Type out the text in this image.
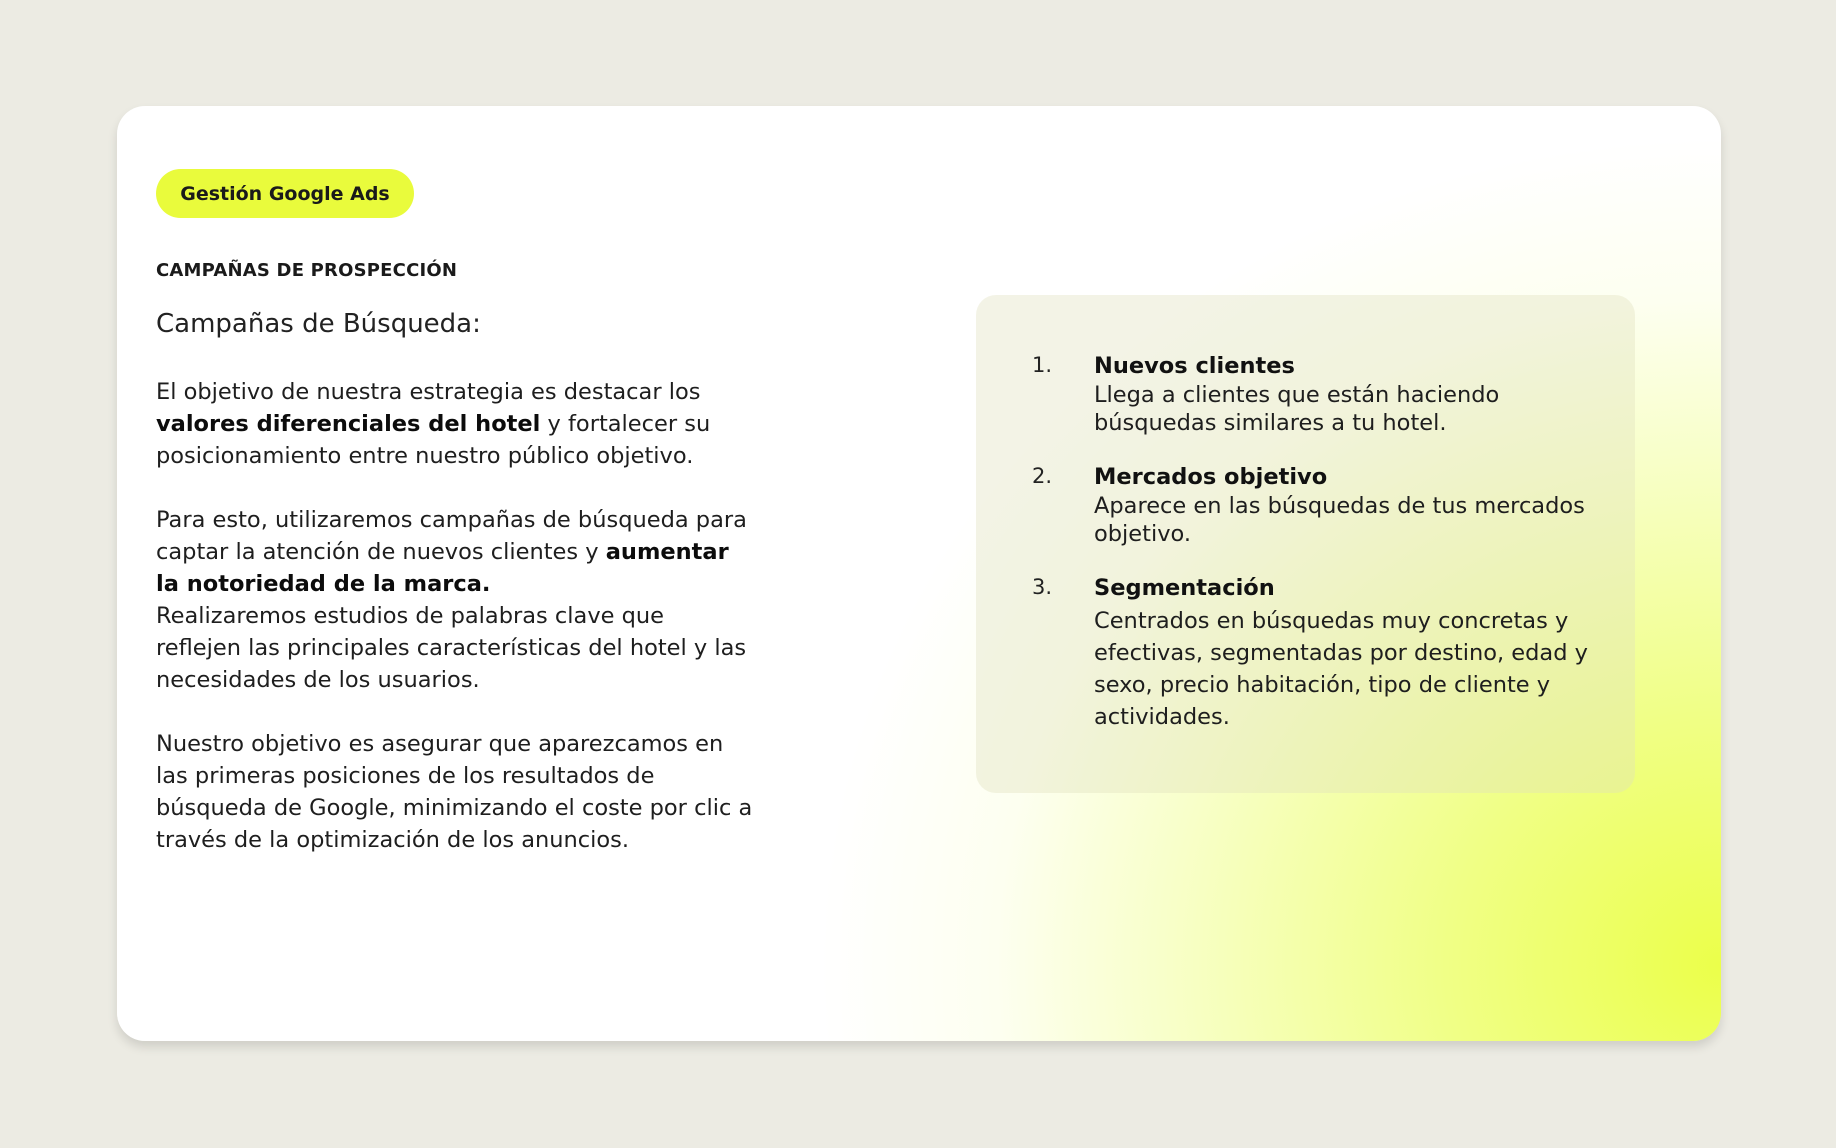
Gestión Google Ads
CAMPAÑAS DE PROSPECCIÓN
Campañas de Búsqueda:

El objetivo de nuestra estrategia es destacar los valores diferenciales del hotel y fortalecer su posicionamiento entre nuestro público objetivo.

Para esto, utilizaremos campañas de búsqueda para captar la atención de nuevos clientes y aumentar la notoriedad de la marca.
Realizaremos estudios de palabras clave que reflejen las principales características del hotel y las necesidades de los usuarios.

Nuestro objetivo es asegurar que aparezcamos en las primeras posiciones de los resultados de búsqueda de Google, minimizando el coste por clic a través de la optimización de los anuncios.

1. Nuevos clientes

Llega a clientes que están haciendo búsquedas similares a tu hotel.

2. Mercados objetivo

Aparece en las búsquedas de tus mercados objetivo.

3. Segmentación

Centrados en búsquedas muy concretas y efectivas, segmentadas por destino, edad y sexo, precio habitación, tipo de cliente y actividades.
